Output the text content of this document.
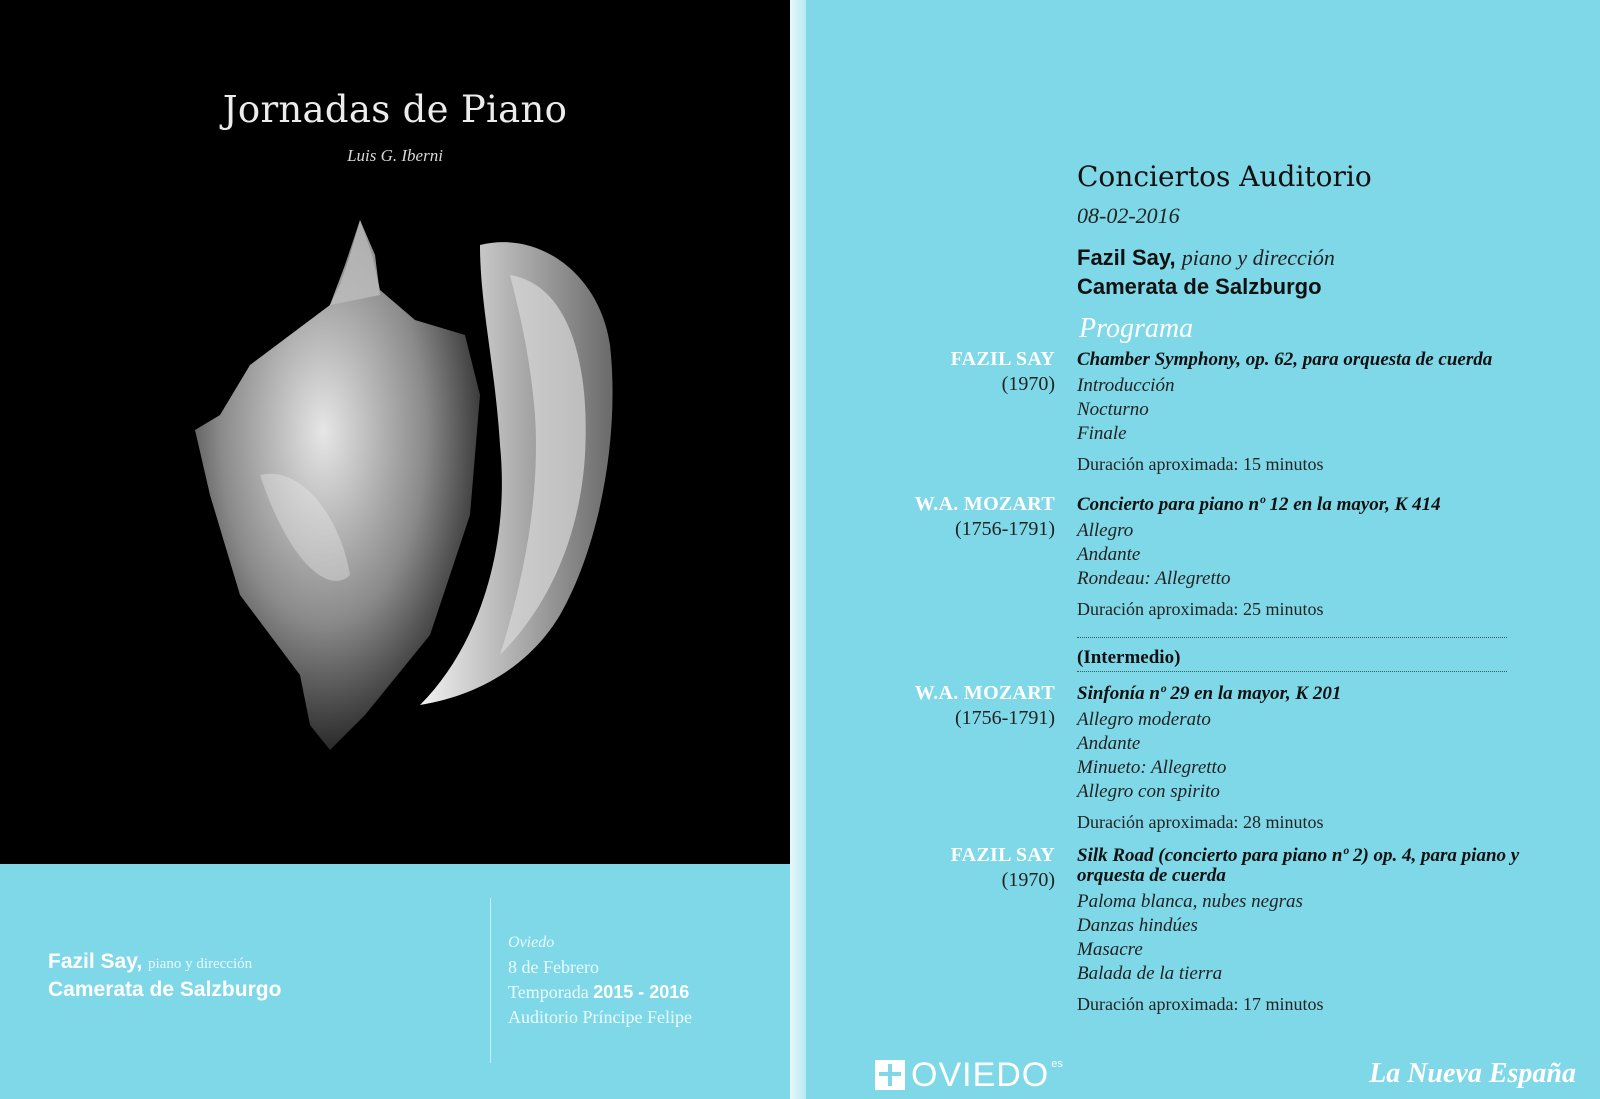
Jornadas de Piano
Luis G. Iberni
Fazil Say, piano y dirección
Camerata de Salzburgo
Oviedo
8 de Febrero
Temporada 2015 - 2016
Auditorio Príncipe Felipe
Conciertos Auditorio
08-02-2016
Fazil Say, piano y dirección
Camerata de Salzburgo
Programa
FAZIL SAY
(1970)
Chamber Symphony, op. 62, para orquesta de cuerda
Introducción
Nocturno
Finale
Duración aproximada: 15 minutos
W.A. MOZART
(1756-1791)
Concierto para piano nº 12 en la mayor, K 414
Allegro
Andante
Rondeau: Allegretto
Duración aproximada: 25 minutos
(Intermedio)
W.A. MOZART
(1756-1791)
Sinfonía nº 29 en la mayor, K 201
Allegro moderato
Andante
Minueto: Allegretto
Allegro con spirito
Duración aproximada: 28 minutos
FAZIL SAY
(1970)
Silk Road (concierto para piano nº 2) op. 4, para piano y orquesta de cuerda
Paloma blanca, nubes negras
Danzas hindúes
Masacre
Balada de la tierra
Duración aproximada: 17 minutos
OVIEDO es	La Nueva España
